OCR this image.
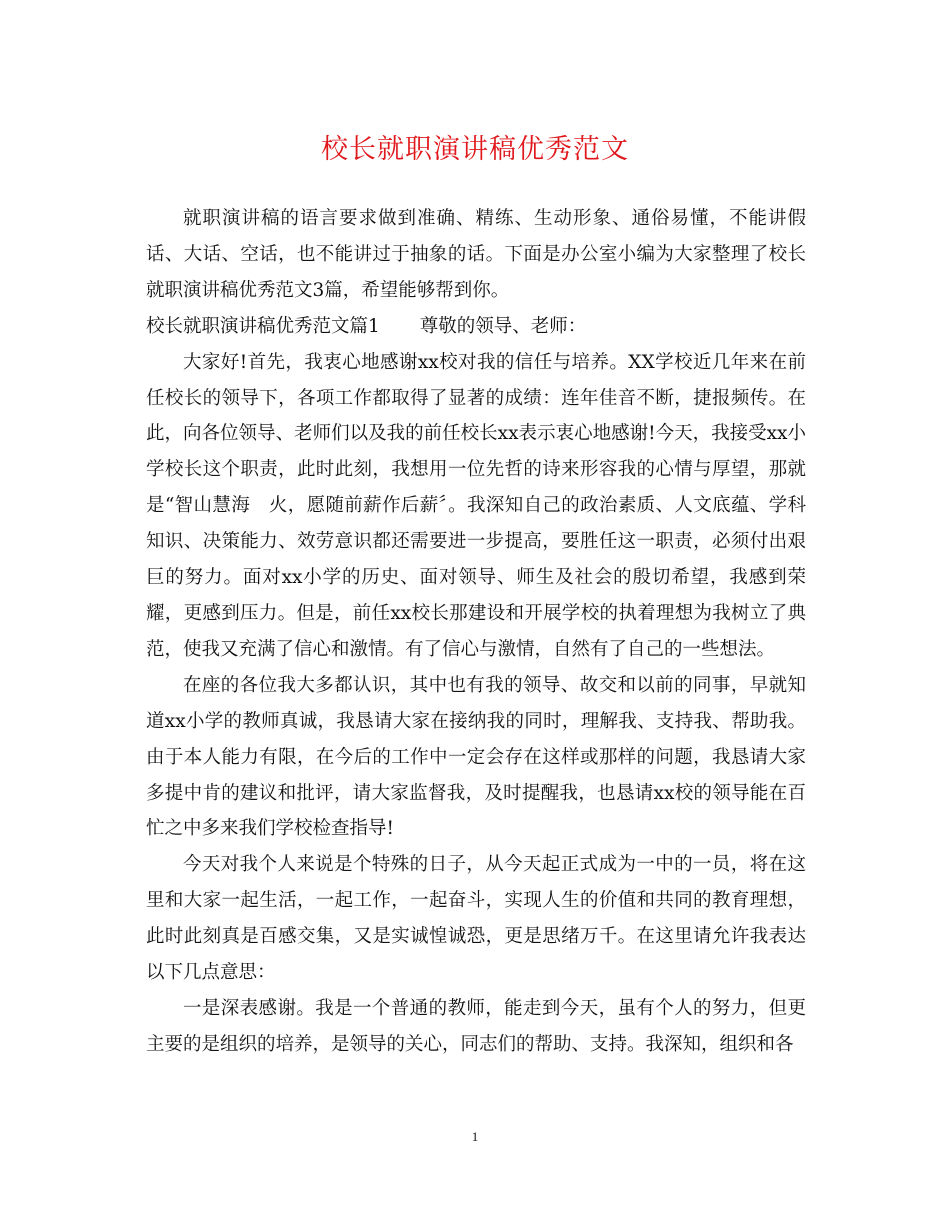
校长就职演讲稿优秀范文

就职演讲稿的语言要求做到准确、精练、生动形象、通俗易懂，不能讲假话、大话、空话，也不能讲过于抽象的话。下面是办公室小编为大家整理了校长就职演讲稿优秀范文3篇，希望能够帮到你。

校长就职演讲稿优秀范文篇1 尊敬的领导、老师：

大家好!首先，我衷心地感谢xx校对我的信任与培养。XX学校近几年来在前任校长的领导下，各项工作都取得了显著的成绩：连年佳音不断，捷报频传。在此，向各位领导、老师们以及我的前任校长xx表示衷心地感谢!今天，我接受xx小学校长这个职责，此时此刻，我想用一位先哲的诗来形容我的心情与厚望，那就是“智山慧海　火，愿随前薪作后薪〞。我深知自己的政治素质、人文底蕴、学科知识、决策能力、效劳意识都还需要进一步提高，要胜任这一职责，必须付出艰巨的努力。面对xx小学的历史、面对领导、师生及社会的殷切希望，我感到荣耀，更感到压力。但是，前任xx校长那建设和开展学校的执着理想为我树立了典范，使我又充满了信心和激情。有了信心与激情，自然有了自己的一些想法。

在座的各位我大多都认识，其中也有我的领导、故交和以前的同事，早就知道xx小学的教师真诚，我恳请大家在接纳我的同时，理解我、支持我、帮助我。由于本人能力有限，在今后的工作中一定会存在这样或那样的问题，我恳请大家多提中肯的建议和批评，请大家监督我，及时提醒我，也恳请xx校的领导能在百忙之中多来我们学校检查指导!

今天对我个人来说是个特殊的日子，从今天起正式成为一中的一员，将在这里和大家一起生活，一起工作，一起奋斗，实现人生的价值和共同的教育理想，此时此刻真是百感交集，又是实诚惶诚恐，更是思绪万千。在这里请允许我表达以下几点意思：

一是深表感谢。我是一个普通的教师，能走到今天，虽有个人的努力，但更主要的是组织的培养，是领导的关心，同志们的帮助、支持。我深知，组织和各

1
